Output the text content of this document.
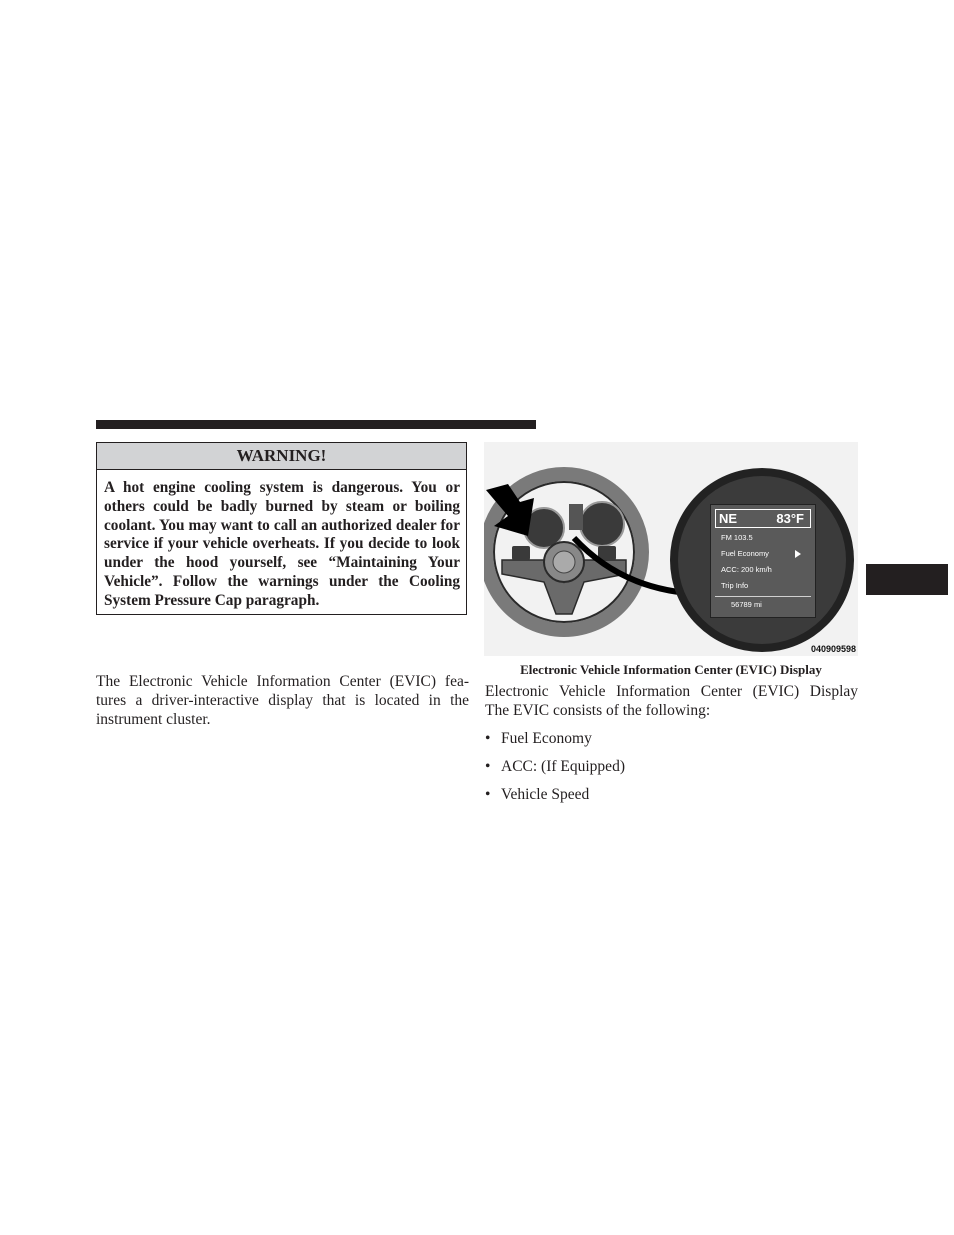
WARNING!
A hot engine cooling system is dangerous. You or others could be badly burned by steam or boiling coolant. You may want to call an authorized dealer for service if your vehicle overheats. If you decide to look under the hood yourself, see “Maintaining Your Vehicle”. Follow the warnings under the Cooling System Pressure Cap paragraph.

The Electronic Vehicle Information Center (EVIC) fea-tures a driver-interactive display that is located in the instrument cluster.

NE	83°F
FM 103.5
Fuel Economy
ACC: 200 km/h
Trip Info
56789 mi
040909598
Electronic Vehicle Information Center (EVIC) Display
Electronic Vehicle Information Center (EVIC) Display
The EVIC consists of the following:
• Fuel Economy
• ACC: (If Equipped)
• Vehicle Speed
